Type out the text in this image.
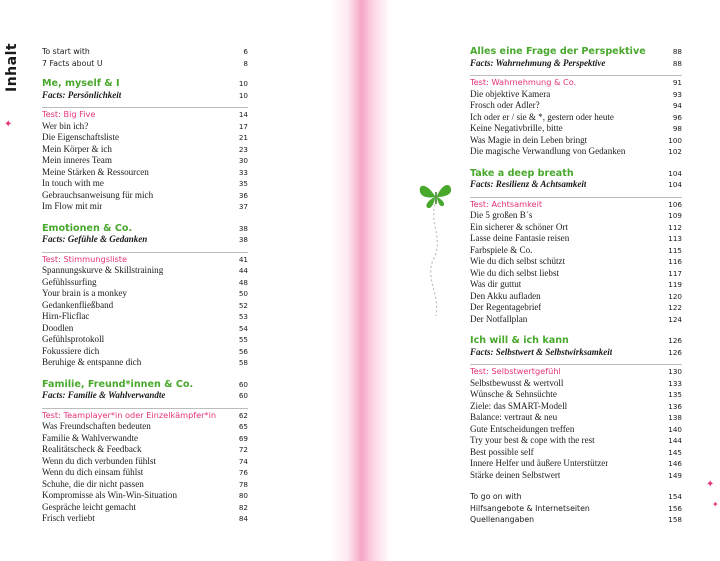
Inhalt
✦
To start with	6
7 Facts about U	8
Me, myself & I	10
Facts: Persönlichkeit	10
Test: Big Five	14
Wer bin ich?	17
Die Eigenschaftsliste	21
Mein Körper & ich	23
Mein inneres Team	30
Meine Stärken & Ressourcen	33
In touch with me	35
Gebrauchsanweisung für mich	36
Im Flow mit mir	37
Emotionen & Co.	38
Facts: Gefühle & Gedanken	38
Test: Stimmungsliste	41
Spannungskurve & Skillstraining	44
Gefühlssurfing	48
Your brain is a monkey	50
Gedankenfließband	52
Hirn-Flicflac	53
Doodlen	54
Gefühlsprotokoll	55
Fokussiere dich	56
Beruhige & entspanne dich	58
Familie, Freund*innen & Co.	60
Facts: Familie & Wahlverwandte	60
Test: Teamplayer*in oder Einzelkämpfer*in	62
Was Freundschaften bedeuten	65
Familie & Wahlverwandte	69
Realitätscheck & Feedback	72
Wenn du dich verbunden fühlst	74
Wenn du dich einsam fühlst	76
Schuhe, die dir nicht passen	78
Kompromisse als Win-Win-Situation	80
Gespräche leicht gemacht	82
Frisch verliebt	84
✦
✦
Alles eine Frage der Perspektive	88
Facts: Wahrnehmung & Perspektive	88
Test: Wahrnehmung & Co.	91
Die objektive Kamera	93
Frosch oder Adler?	94
Ich oder er / sie & *, gestern oder heute	96
Keine Negativbrille, bitte	98
Was Magie in dein Leben bringt	100
Die magische Verwandlung von Gedanken	102
Take a deep breath	104
Facts: Resilienz & Achtsamkeit	104
Test: Achtsamkeit	106
Die 5 großen B´s	109
Ein sicherer & schöner Ort	112
Lasse deine Fantasie reisen	113
Farbspiele & Co.	115
Wie du dich selbst schützt	116
Wie du dich selbst liebst	117
Was dir guttut	119
Den Akku aufladen	120
Der Regentagebrief	122
Der Notfallplan	124
Ich will & ich kann	126
Facts: Selbstwert & Selbstwirksamkeit	126
Test: Selbstwertgefühl	130
Selbstbewusst & wertvoll	133
Wünsche & Sehnsüchte	135
Ziele: das SMART-Modell	136
Balance: vertraut & neu	138
Gute Entscheidungen treffen	140
Try your best & cope with the rest	144
Best possible self	145
Innere Helfer und äußere Unterstützer	146
Stärke deinen Selbstwert	149
To go on with	154
Hilfsangebote & Internetseiten	156
Quellenangaben	158
